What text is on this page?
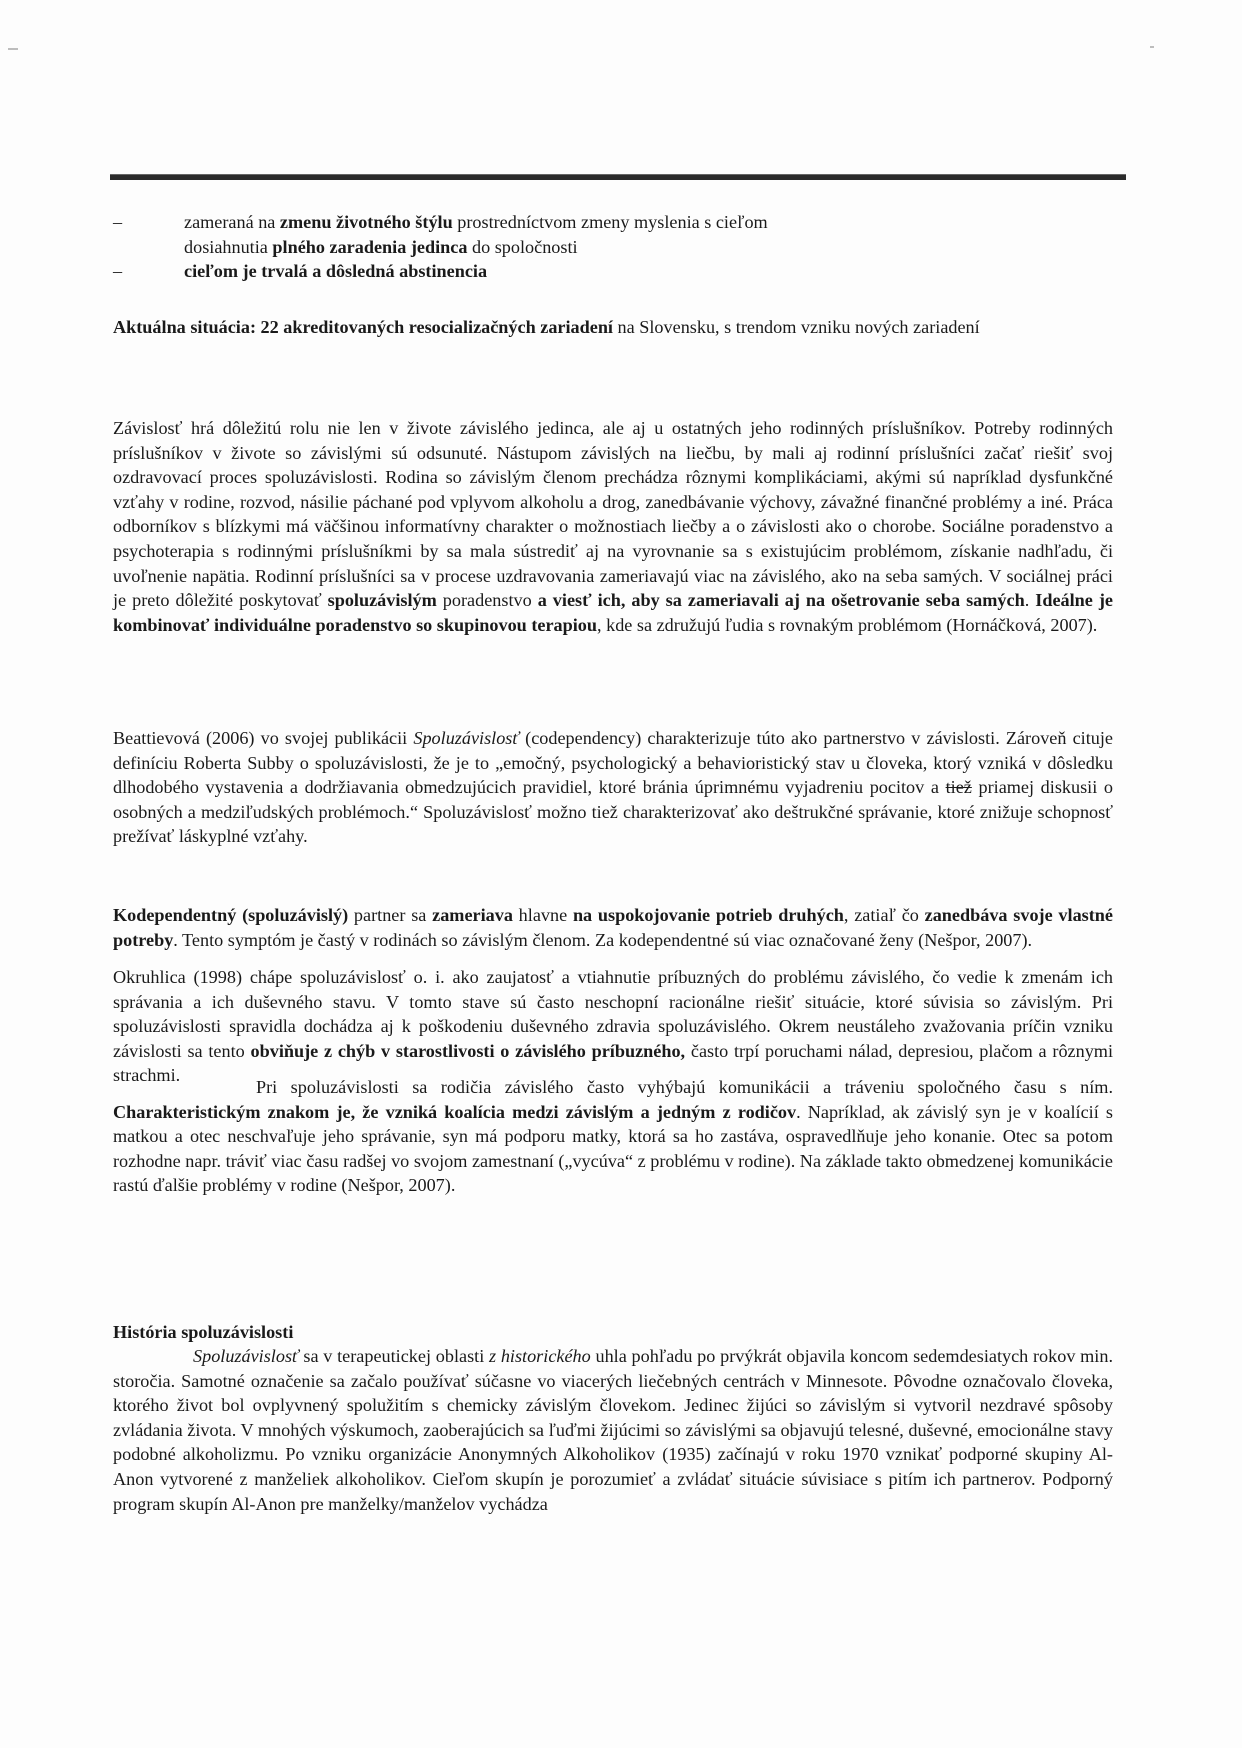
–	zameraná na zmenu životného štýlu prostredníctvom zmeny myslenia s cieľom
dosiahnutia plného zaradenia jedinca do spoločnosti
–	cieľom je trvalá a dôsledná abstinencia
Aktuálna situácia: 22 akreditovaných resocializačných zariadení na Slovensku, s trendom vzniku nových zariadení
Závislosť hrá dôležitú rolu nie len v živote závislého jedinca, ale aj u ostatných jeho rodinných príslušníkov. Potreby rodinných príslušníkov v živote so závislými sú odsunuté. Nástupom závislých na liečbu, by mali aj rodinní príslušníci začať riešiť svoj ozdravovací proces spoluzávislosti. Rodina so závislým členom prechádza rôznymi komplikáciami, akými sú napríklad dysfunkčné vzťahy v rodine, rozvod, násilie páchané pod vplyvom alkoholu a drog, zanedbávanie výchovy, závažné finančné problémy a iné. Práca odborníkov s blízkymi má väčšinou informatívny charakter o možnostiach liečby a o závislosti ako o chorobe. Sociálne poradenstvo a psychoterapia s rodinnými príslušníkmi by sa mala sústrediť aj na vyrovnanie sa s existujúcim problémom, získanie nadhľadu, či uvoľnenie napätia. Rodinní príslušníci sa v procese uzdravovania zameriavajú viac na závislého, ako na seba samých. V sociálnej práci je preto dôležité poskytovať spoluzávislým poradenstvo a viesť ich, aby sa zameriavali aj na ošetrovanie seba samých. Ideálne je kombinovať individuálne poradenstvo so skupinovou terapiou, kde sa združujú ľudia s rovnakým problémom (Hornáčková, 2007).
Beattievová (2006) vo svojej publikácii Spoluzávislosť (codependency) charakterizuje túto ako partnerstvo v závislosti. Zároveň cituje definíciu Roberta Subby o spoluzávislosti, že je to „emočný, psychologický a behavioristický stav u človeka, ktorý vzniká v dôsledku dlhodobého vystavenia a dodržiavania obmedzujúcich pravidiel, ktoré bránia úprimnému vyjadreniu pocitov a tiež priamej diskusii o osobných a medziľudských problémoch.“ Spoluzávislosť možno tiež charakterizovať ako deštrukčné správanie, ktoré znižuje schopnosť prežívať láskyplné vzťahy.
Kodependentný (spoluzávislý) partner sa zameriava hlavne na uspokojovanie potrieb druhých, zatiaľ čo zanedbáva svoje vlastné potreby. Tento symptóm je častý v rodinách so závislým členom. Za kodependentné sú viac označované ženy (Nešpor, 2007).
Okruhlica (1998) chápe spoluzávislosť o. i. ako zaujatosť a vtiahnutie príbuzných do problému závislého, čo vedie k zmenám ich správania a ich duševného stavu. V tomto stave sú často neschopní racionálne riešiť situácie, ktoré súvisia so závislým. Pri spoluzávislosti spravidla dochádza aj k poškodeniu duševného zdravia spoluzávislého. Okrem neustáleho zvažovania príčin vzniku závislosti sa tento obviňuje z chýb v starostlivosti o závislého príbuzného, často trpí poruchami nálad, depresiou, plačom a rôznymi strachmi.
Pri spoluzávislosti sa rodičia závislého často vyhýbajú komunikácii a tráveniu spoločného času s ním. Charakteristickým znakom je, že vzniká koalícia medzi závislým a jedným z rodičov. Napríklad, ak závislý syn je v koalícií s matkou a otec neschvaľuje jeho správanie, syn má podporu matky, ktorá sa ho zastáva, ospravedlňuje jeho konanie. Otec sa potom rozhodne napr. tráviť viac času radšej vo svojom zamestnaní („vycúva“ z problému v rodine). Na základe takto obmedzenej komunikácie rastú ďalšie problémy v rodine (Nešpor, 2007).
História spoluzávislosti
Spoluzávislosť sa v terapeutickej oblasti z historického uhla pohľadu po prvýkrát objavila koncom sedemdesiatych rokov min. storočia. Samotné označenie sa začalo používať súčasne vo viacerých liečebných centrách v Minnesote. Pôvodne označovalo človeka, ktorého život bol ovplyvnený spolužitím s chemicky závislým človekom. Jedinec žijúci so závislým si vytvoril nezdravé spôsoby zvládania života. V mnohých výskumoch, zaoberajúcich sa ľuďmi žijúcimi so závislými sa objavujú telesné, duševné, emocionálne stavy podobné alkoholizmu. Po vzniku organizácie Anonymných Alkoholikov (1935) začínajú v roku 1970 vznikať podporné skupiny Al-Anon vytvorené z manželiek alkoholikov. Cieľom skupín je porozumieť a zvládať situácie súvisiace s pitím ich partnerov. Podporný program skupín Al-Anon pre manželky/manželov vychádza
